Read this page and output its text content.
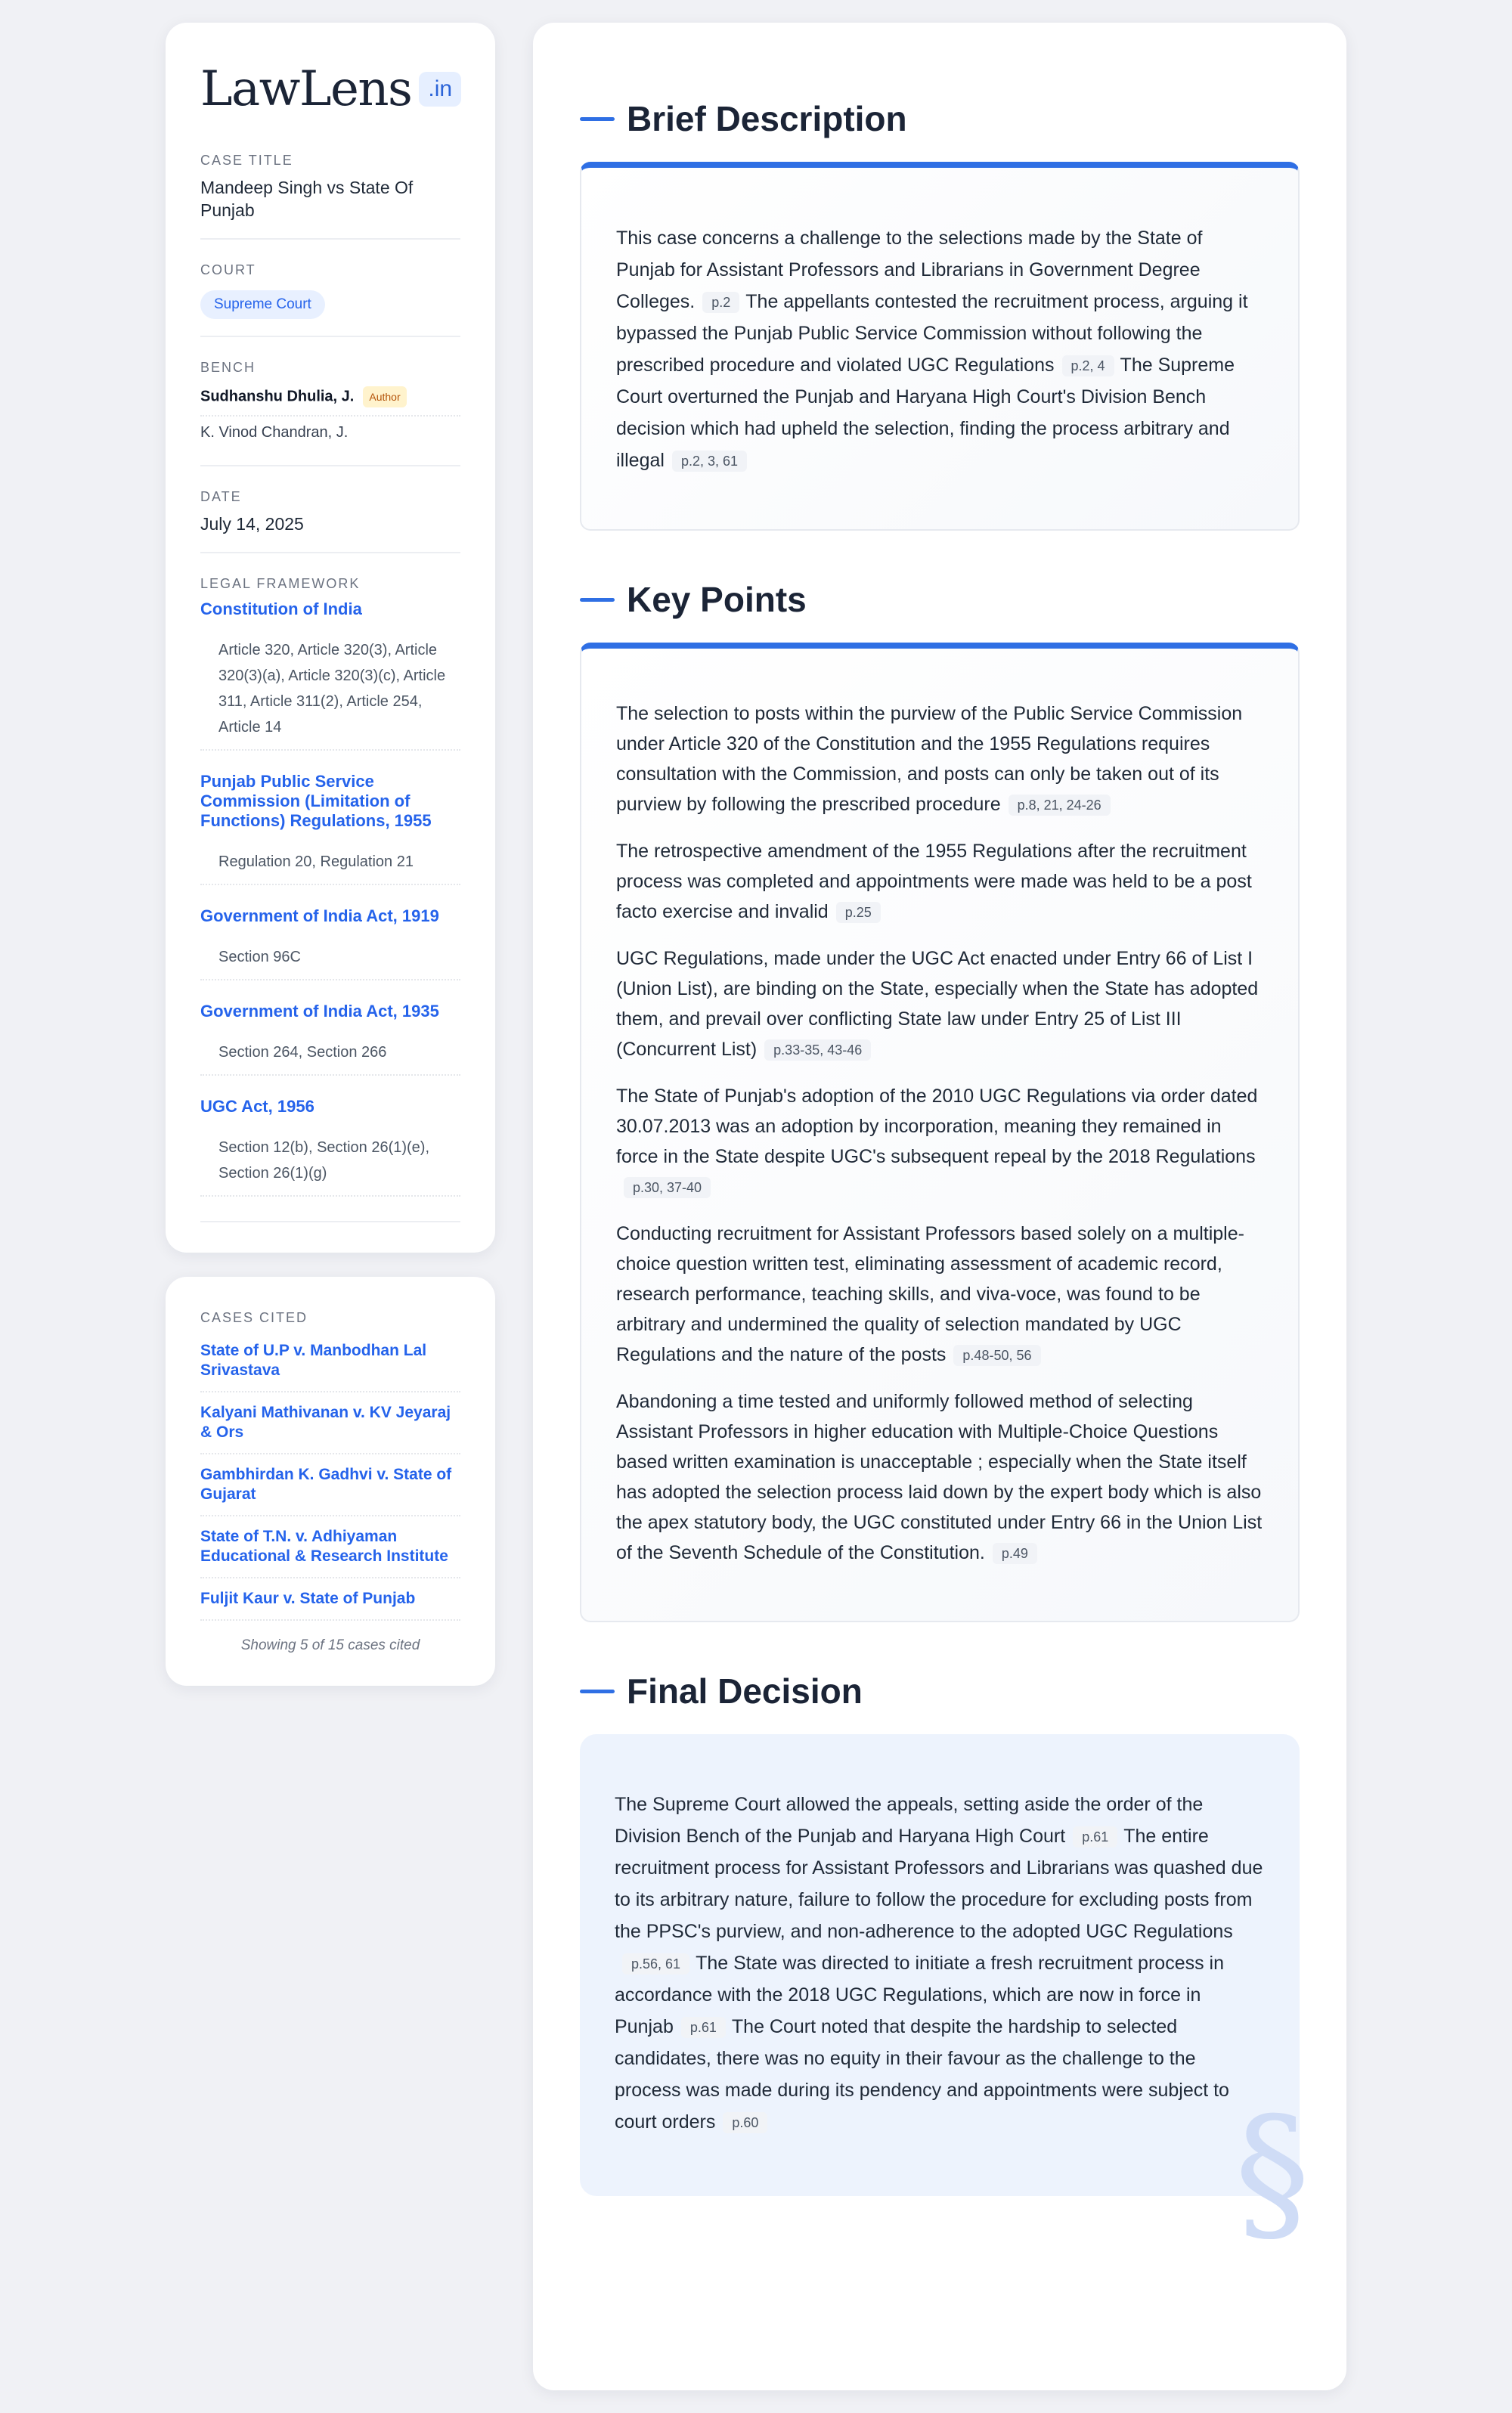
LawLens .in
CASE TITLE
Mandeep Singh vs State Of Punjab
COURT
Supreme Court
BENCH
Sudhanshu Dhulia, J. Author
K. Vinod Chandran, J.
DATE
July 14, 2025
LEGAL FRAMEWORK
Constitution of India
Article 320, Article 320(3), Article 320(3)(a), Article 320(3)(c), Article 311, Article 311(2), Article 254, Article 14
Punjab Public Service Commission (Limitation of Functions) Regulations, 1955
Regulation 20, Regulation 21
Government of India Act, 1919
Section 96C
Government of India Act, 1935
Section 264, Section 266
UGC Act, 1956
Section 12(b), Section 26(1)(e), Section 26(1)(g)
CASES CITED
State of U.P v. Manbodhan Lal Srivastava
Kalyani Mathivanan v. KV Jeyaraj & Ors
Gambhirdan K. Gadhvi v. State of Gujarat
State of T.N. v. Adhiyaman Educational & Research Institute
Fuljit Kaur v. State of Punjab
Showing 5 of 15 cases cited
Brief Description

This case concerns a challenge to the selections made by the State of Punjab for Assistant Professors and Librarians in Government Degree Colleges. p.2 The appellants contested the recruitment process, arguing it bypassed the Punjab Public Service Commission without following the prescribed procedure and violated UGC Regulations p.2, 4 The Supreme Court overturned the Punjab and Haryana High Court's Division Bench decision which had upheld the selection, finding the process arbitrary and illegal p.2, 3, 61

Key Points

The selection to posts within the purview of the Public Service Commission under Article 320 of the Constitution and the 1955 Regulations requires consultation with the Commission, and posts can only be taken out of its purview by following the prescribed procedure p.8, 21, 24-26

The retrospective amendment of the 1955 Regulations after the recruitment process was completed and appointments were made was held to be a post facto exercise and invalid p.25

UGC Regulations, made under the UGC Act enacted under Entry 66 of List I (Union List), are binding on the State, especially when the State has adopted them, and prevail over conflicting State law under Entry 25 of List III (Concurrent List) p.33-35, 43-46

The State of Punjab's adoption of the 2010 UGC Regulations via order dated 30.07.2013 was an adoption by incorporation, meaning they remained in force in the State despite UGC's subsequent repeal by the 2018 Regulationsp.30, 37-40

Conducting recruitment for Assistant Professors based solely on a multiple-choice question written test, eliminating assessment of academic record, research performance, teaching skills, and viva-voce, was found to be arbitrary and undermined the quality of selection mandated by UGC Regulations and the nature of the posts p.48-50, 56

Abandoning a time tested and uniformly followed method of selecting Assistant Professors in higher education with Multiple-Choice Questions based written examination is unacceptable ; especially when the State itself has adopted the selection process laid down by the expert body which is also the apex statutory body, the UGC constituted under Entry 66 in the Union List of the Seventh Schedule of the Constitution. p.49

Final Decision

The Supreme Court allowed the appeals, setting aside the order of the Division Bench of the Punjab and Haryana High Court p.61 The entire recruitment process for Assistant Professors and Librarians was quashed due to its arbitrary nature, failure to follow the procedure for excluding posts from the PPSC's purview, and non-adherence to the adopted UGC Regulationsp.56, 61 The State was directed to initiate a fresh recruitment process in accordance with the 2018 UGC Regulations, which are now in force in Punjab p.61 The Court noted that despite the hardship to selected candidates, there was no equity in their favour as the challenge to the process was made during its pendency and appointments were subject to court orders p.60	§
